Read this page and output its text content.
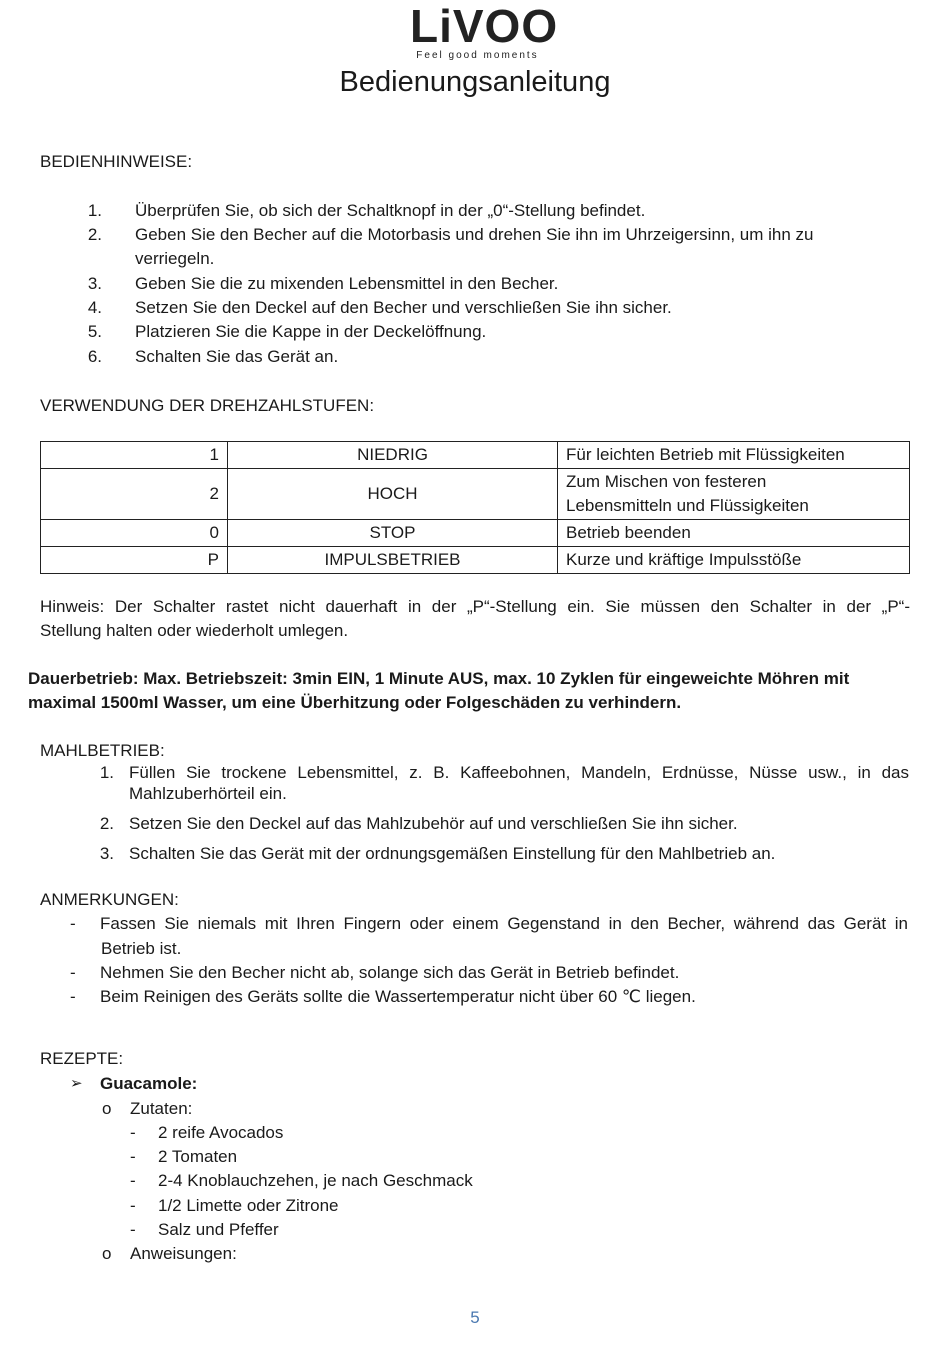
LiVOO
Feel good moments
Bedienungsanleitung
BEDIENHINWEISE:
1. Überprüfen Sie, ob sich der Schaltknopf in der „0“-Stellung befindet.
2. Geben Sie den Becher auf die Motorbasis und drehen Sie ihn im Uhrzeigersinn, um ihn zu
verriegeln.
3. Geben Sie die zu mixenden Lebensmittel in den Becher.
4. Setzen Sie den Deckel auf den Becher und verschließen Sie ihn sicher.
5. Platzieren Sie die Kappe in der Deckelöffnung.
6. Schalten Sie das Gerät an.
VERWENDUNG DER DREHZAHLSTUFEN:
1	NIEDRIG	Für leichten Betrieb mit Flüssigkeiten
2	HOCH	Zum Mischen von festeren
Lebensmitteln und Flüssigkeiten

0	STOP	Betrieb beenden
P	IMPULSBETRIEB	Kurze und kräftige Impulsstöße
Hinweis: Der Schalter rastet nicht dauerhaft in der „P“-Stellung ein. Sie müssen den Schalter in der „P“-
Stellung halten oder wiederholt umlegen.
Dauerbetrieb: Max. Betriebszeit: 3min EIN, 1 Minute AUS, max. 10 Zyklen für eingeweichte Möhren mit
maximal 1500ml Wasser, um eine Überhitzung oder Folgeschäden zu verhindern.
MAHLBETRIEB:
1. Füllen Sie trockene Lebensmittel, z. B. Kaffeebohnen, Mandeln, Erdnüsse, Nüsse usw., in das
Mahlzuberhörteil ein.
2. Setzen Sie den Deckel auf das Mahlzubehör auf und verschließen Sie ihn sicher.
3. Schalten Sie das Gerät mit der ordnungsgemäßen Einstellung für den Mahlbetrieb an.
ANMERKUNGEN:
- Fassen Sie niemals mit Ihren Fingern oder einem Gegenstand in den Becher, während das Gerät in
Betrieb ist.
- Nehmen Sie den Becher nicht ab, solange sich das Gerät in Betrieb befindet.
- Beim Reinigen des Geräts sollte die Wassertemperatur nicht über 60 ℃ liegen.
REZEPTE:
➢ Guacamole:
o Zutaten:
- 2 reife Avocados
- 2 Tomaten
- 2-4 Knoblauchzehen, je nach Geschmack
- 1/2 Limette oder Zitrone
- Salz und Pfeffer
o Anweisungen:
5
